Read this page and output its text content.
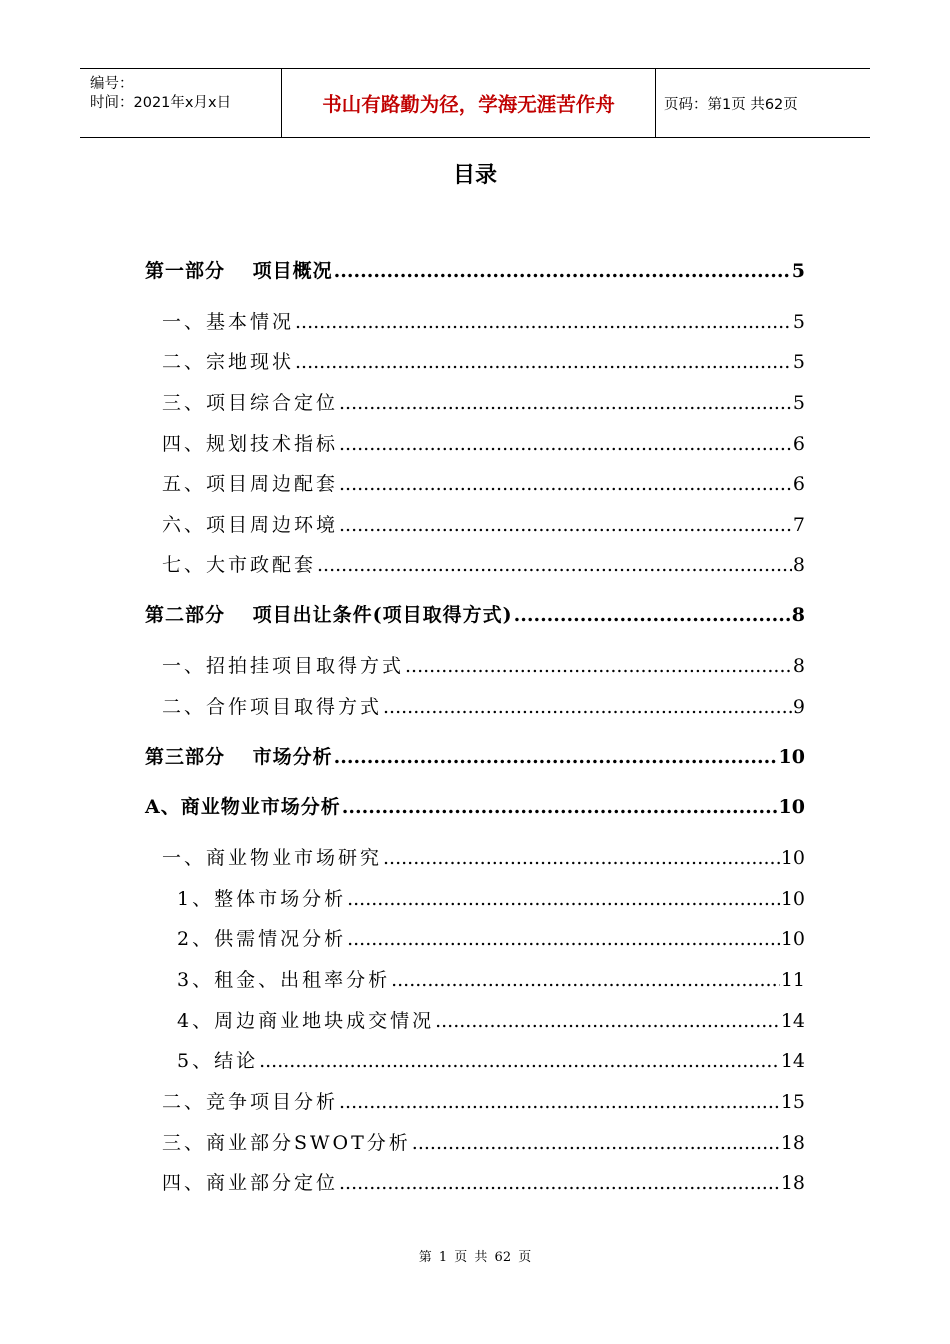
编号：
时间：2021年x月x日	书山有路勤为径，学海无涯苦作舟	页码：第1页 共62页
目录
第一部分　 项目概况 .....	5
一、基本情况 .....	5
二、宗地现状 .....	5
三、项目综合定位 .....	5
四、规划技术指标 .....	6
五、项目周边配套 .....	6
六、项目周边环境 .....	7
七、大市政配套 .....	8
第二部分　 项目出让条件(项目取得方式) .....	8
一、招拍挂项目取得方式 .....	8
二、合作项目取得方式 .....	9
第三部分　 市场分析 .....	10
A、商业物业市场分析 .....	10
一、商业物业市场研究 .....	10
1、整体市场分析 .....	10
2、供需情况分析 .....	10
3、租金、出租率分析 .....	11
4、周边商业地块成交情况 .....	14
5、结论 .....	14
二、竞争项目分析 .....	15
三、商业部分SWOT分析 .....	18
四、商业部分定位 .....	18
第 1 页 共 62 页
